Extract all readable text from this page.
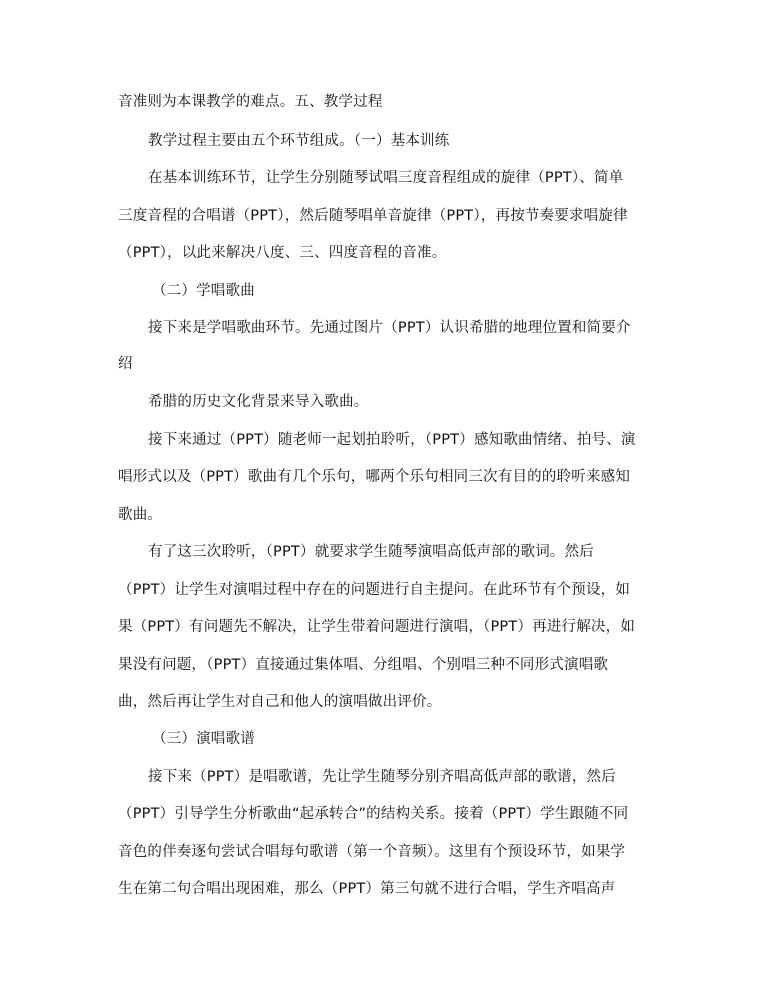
音准则为本课教学的难点。五、教学过程
教学过程主要由五个环节组成。（一）基本训练
在基本训练环节，让学生分别随琴试唱三度音程组成的旋律（PPT）、简单
三度音程的合唱谱（PPT），然后随琴唱单音旋律（PPT），再按节奏要求唱旋律
（PPT），以此来解决八度、三、四度音程的音准。
（二）学唱歌曲
接下来是学唱歌曲环节。先通过图片（PPT）认识希腊的地理位置和简要介
绍
希腊的历史文化背景来导入歌曲。
接下来通过（PPT）随老师一起划拍聆听，（PPT）感知歌曲情绪、拍号、演
唱形式以及（PPT）歌曲有几个乐句，哪两个乐句相同三次有目的的聆听来感知
歌曲。
有了这三次聆听，（PPT）就要求学生随琴演唱高低声部的歌词。然后
（PPT）让学生对演唱过程中存在的问题进行自主提问。在此环节有个预设，如
果（PPT）有问题先不解决，让学生带着问题进行演唱，（PPT）再进行解决，如
果没有问题，（PPT）直接通过集体唱、分组唱、个别唱三种不同形式演唱歌
曲，然后再让学生对自己和他人的演唱做出评价。
（三）演唱歌谱
接下来（PPT）是唱歌谱，先让学生随琴分别齐唱高低声部的歌谱，然后
（PPT）引导学生分析歌曲“起承转合”的结构关系。接着（PPT）学生跟随不同
音色的伴奏逐句尝试合唱每句歌谱（第一个音频）。这里有个预设环节，如果学
生在第二句合唱出现困难，那么（PPT）第三句就不进行合唱，学生齐唱高声
